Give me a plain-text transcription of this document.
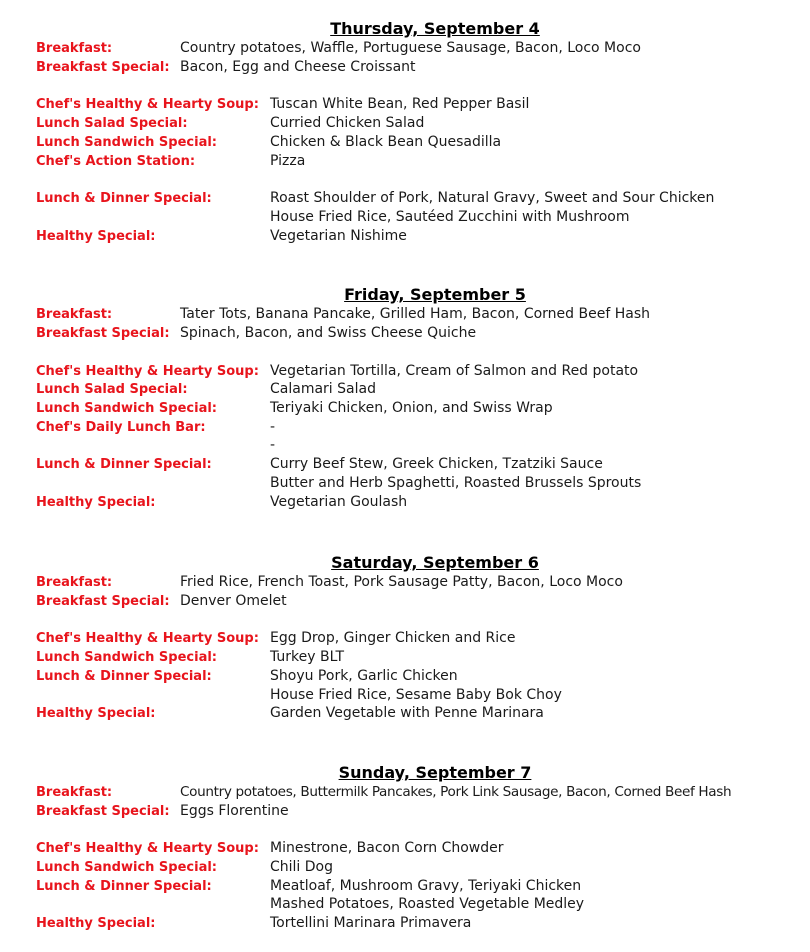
Thursday, September 4
Breakfast:	Country potatoes, Waffle, Portuguese Sausage, Bacon, Loco Moco
Breakfast Special: Bacon, Egg and Cheese Croissant
Chef's Healthy & Hearty Soup: Tuscan White Bean, Red Pepper Basil
Lunch Salad Special:	Curried Chicken Salad
Lunch Sandwich Special:	Chicken & Black Bean Quesadilla
Chef's Action Station:	Pizza
Lunch & Dinner Special:	Roast Shoulder of Pork, Natural Gravy, Sweet and Sour Chicken
House Fried Rice, Sautéed Zucchini with Mushroom
Healthy Special:	Vegetarian Nishime
Friday, September 5
Breakfast:	Tater Tots, Banana Pancake, Grilled Ham, Bacon, Corned Beef Hash
Breakfast Special: Spinach, Bacon, and Swiss Cheese Quiche
Chef's Healthy & Hearty Soup: Vegetarian Tortilla, Cream of Salmon and Red potato
Lunch Salad Special:	Calamari Salad
Lunch Sandwich Special:	Teriyaki Chicken, Onion, and Swiss Wrap
Chef's Daily Lunch Bar:	-
-
Lunch & Dinner Special:	Curry Beef Stew, Greek Chicken, Tzatziki Sauce
Butter and Herb Spaghetti, Roasted Brussels Sprouts
Healthy Special:	Vegetarian Goulash
Saturday, September 6
Breakfast:	Fried Rice, French Toast, Pork Sausage Patty, Bacon, Loco Moco
Breakfast Special: Denver Omelet
Chef's Healthy & Hearty Soup: Egg Drop, Ginger Chicken and Rice
Lunch Sandwich Special:	Turkey BLT
Lunch & Dinner Special:	Shoyu Pork, Garlic Chicken
House Fried Rice, Sesame Baby Bok Choy
Healthy Special:	Garden Vegetable with Penne Marinara
Sunday, September 7
Breakfast:	Country potatoes, Buttermilk Pancakes, Pork Link Sausage, Bacon, Corned Beef Hash
Breakfast Special: Eggs Florentine
Chef's Healthy & Hearty Soup: Minestrone, Bacon Corn Chowder
Lunch Sandwich Special:	Chili Dog
Lunch & Dinner Special:	Meatloaf, Mushroom Gravy, Teriyaki Chicken
Mashed Potatoes, Roasted Vegetable Medley
Healthy Special:	Tortellini Marinara Primavera
